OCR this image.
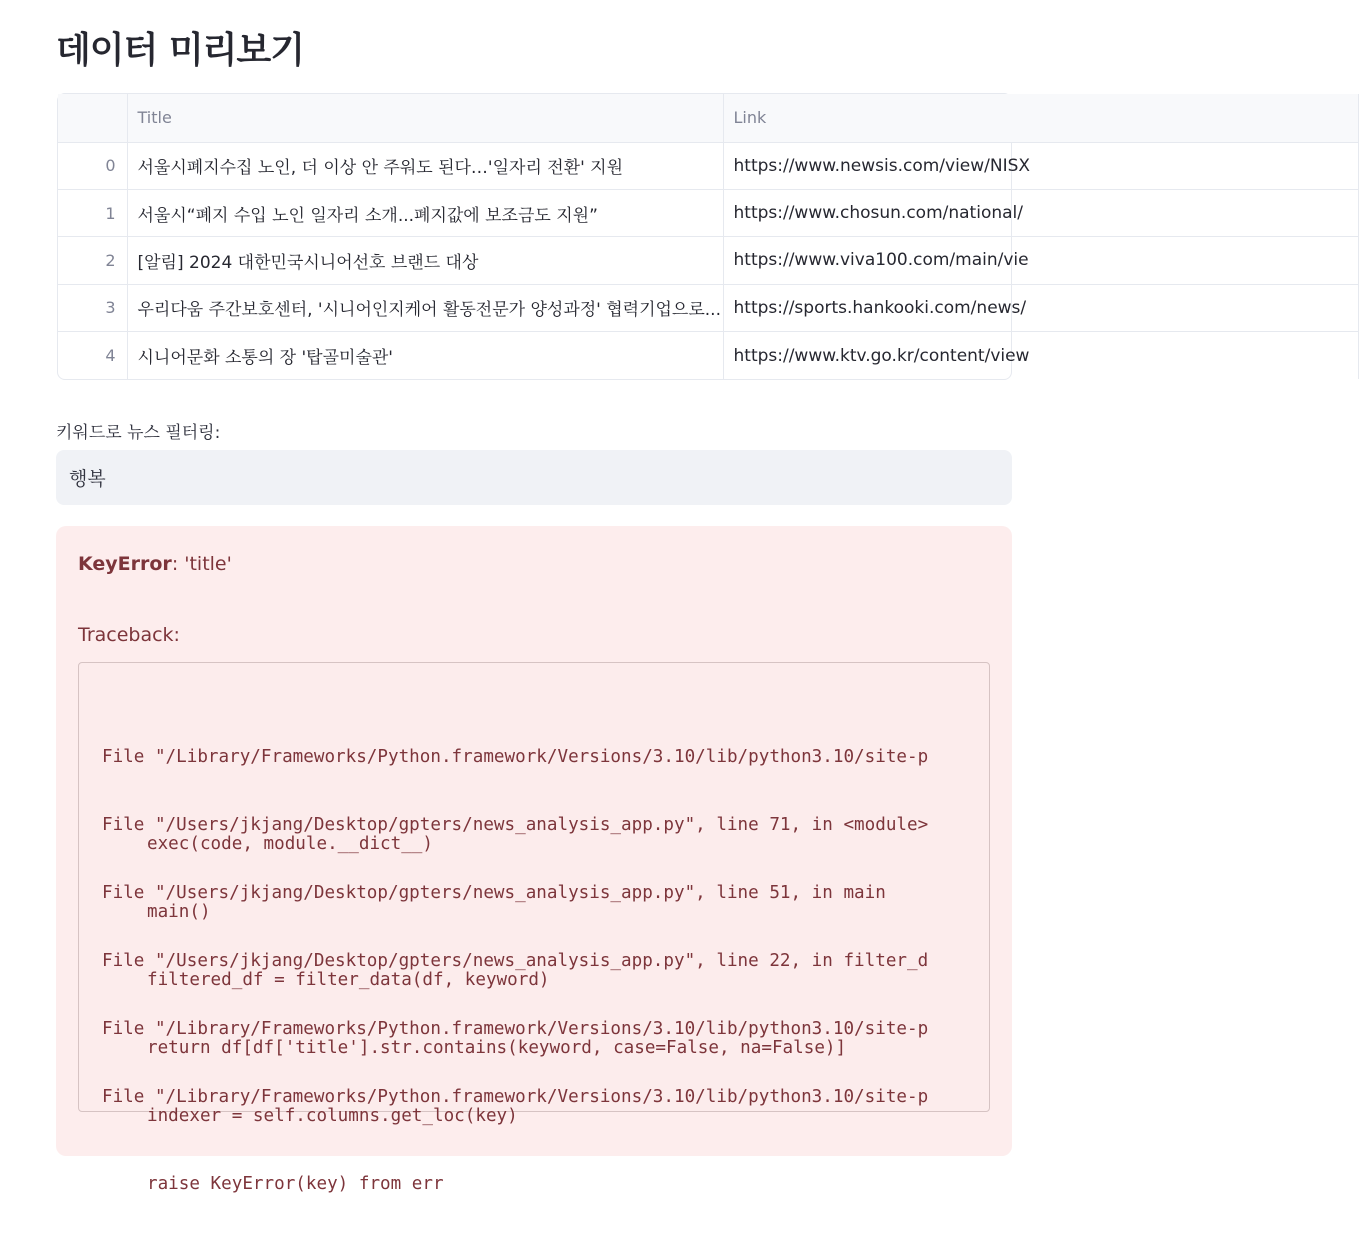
데이터 미리보기
	Title	Link
0	서울시폐지수집 노인, 더 이상 안 주워도 된다…'일자리 전환' 지원	https://www.newsis.com/view/NISX
1	서울시“폐지 수입 노인 일자리 소개...폐지값에 보조금도 지원”	https://www.chosun.com/national/
2	[알림] 2024 대한민국시니어선호 브랜드 대상	https://www.viva100.com/main/vie
3	우리다움 주간보호센터, '시니어인지케어 활동전문가 양성과정' 협력기업으로...	https://sports.hankooki.com/news/
4	시니어문화 소통의 장 '탑골미술관'	https://www.ktv.go.kr/content/view
키워드로 뉴스 필터링:
행복
KeyError: 'title'
Traceback:

File "/Library/Frameworks/Python.framework/Versions/3.10/lib/python3.10/site-p

exec(code, module.__dict__)

File "/Users/jkjang/Desktop/gpters/news_analysis_app.py", line 71, in <module>

main()

File "/Users/jkjang/Desktop/gpters/news_analysis_app.py", line 51, in main

filtered_df = filter_data(df, keyword)

File "/Users/jkjang/Desktop/gpters/news_analysis_app.py", line 22, in filter_d

return df[df['title'].str.contains(keyword, case=False, na=False)]

File "/Library/Frameworks/Python.framework/Versions/3.10/lib/python3.10/site-p

indexer = self.columns.get_loc(key)

File "/Library/Frameworks/Python.framework/Versions/3.10/lib/python3.10/site-p

raise KeyError(key) from err
